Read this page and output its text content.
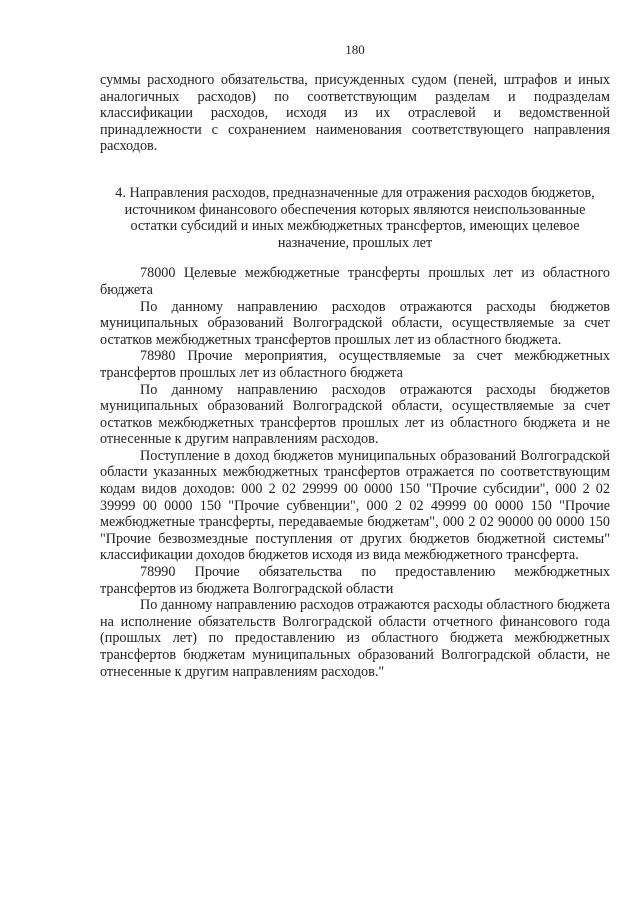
180

суммы расходного обязательства, присужденных судом (пеней, штрафов и иных аналогичных расходов) по соответствующим разделам и подразделам классификации расходов, исходя из их отраслевой и ведомственной принадлежности с сохранением наименования соответствующего направления расходов.

4. Направления расходов, предназначенные для отражения расходов бюджетов, источником финансового обеспечения которых являются неиспользованные остатки субсидий и иных межбюджетных трансфертов, имеющих целевое назначение, прошлых лет

78000 Целевые межбюджетные трансферты прошлых лет из областного бюджета

По данному направлению расходов отражаются расходы бюджетов муниципальных образований Волгоградской области, осуществляемые за счет остатков межбюджетных трансфертов прошлых лет из областного бюджета.

78980 Прочие мероприятия, осуществляемые за счет межбюджетных трансфертов прошлых лет из областного бюджета

По данному направлению расходов отражаются расходы бюджетов муниципальных образований Волгоградской области, осуществляемые за счет остатков межбюджетных трансфертов прошлых лет из областного бюджета и не отнесенные к другим направлениям расходов.

Поступление в доход бюджетов муниципальных образований Волгоградской области указанных межбюджетных трансфертов отражается по соответствующим кодам видов доходов: 000 2 02 29999 00 0000 150 "Прочие субсидии", 000 2 02 39999 00 0000 150 "Прочие субвенции", 000 2 02 49999 00 0000 150 "Прочие межбюджетные трансферты, передаваемые бюджетам", 000 2 02 90000 00 0000 150 "Прочие безвозмездные поступления от других бюджетов бюджетной системы" классификации доходов бюджетов исходя из вида межбюджетного трансферта.

78990 Прочие обязательства по предоставлению межбюджетных трансфертов из бюджета Волгоградской области

По данному направлению расходов отражаются расходы областного бюджета на исполнение обязательств Волгоградской области отчетного финансового года (прошлых лет) по предоставлению из областного бюджета межбюджетных трансфертов бюджетам муниципальных образований Волгоградской области, не отнесенные к другим направлениям расходов."
